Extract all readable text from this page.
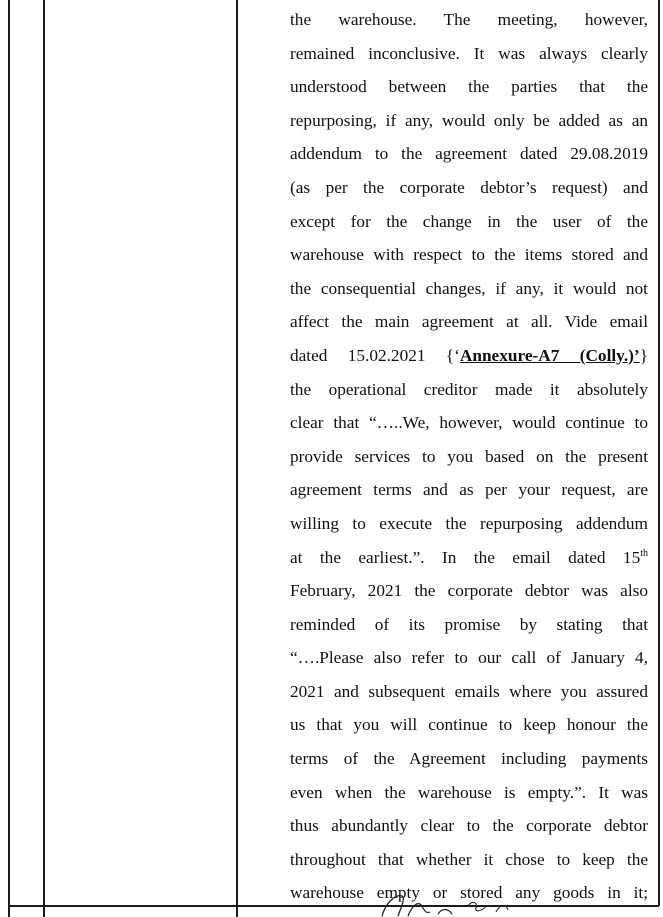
the warehouse. The meeting, however,
remained inconclusive. It was always clearly
understood between the parties that the
repurposing, if any, would only be added as an
addendum to the agreement dated 29.08.2019
(as per the corporate debtor’s request) and
except for the change in the user of the
warehouse with respect to the items stored and
the consequential changes, if any, it would not
affect the main agreement at all. Vide email
dated 15.02.2021 {‘Annexure-A7 (Colly.)’}
the operational creditor made it absolutely
clear that “…..We, however, would continue to
provide services to you based on the present
agreement terms and as per your request, are
willing to execute the repurposing addendum
at the earliest.”. In the email dated 15th
February, 2021 the corporate debtor was also
reminded of its promise by stating that
“….Please also refer to our call of January 4,
2021 and subsequent emails where you assured
us that you will continue to keep honour the
terms of the Agreement including payments
even when the warehouse is empty.”. It was
thus abundantly clear to the corporate debtor
throughout that whether it chose to keep the
warehouse empty or stored any goods in it;
